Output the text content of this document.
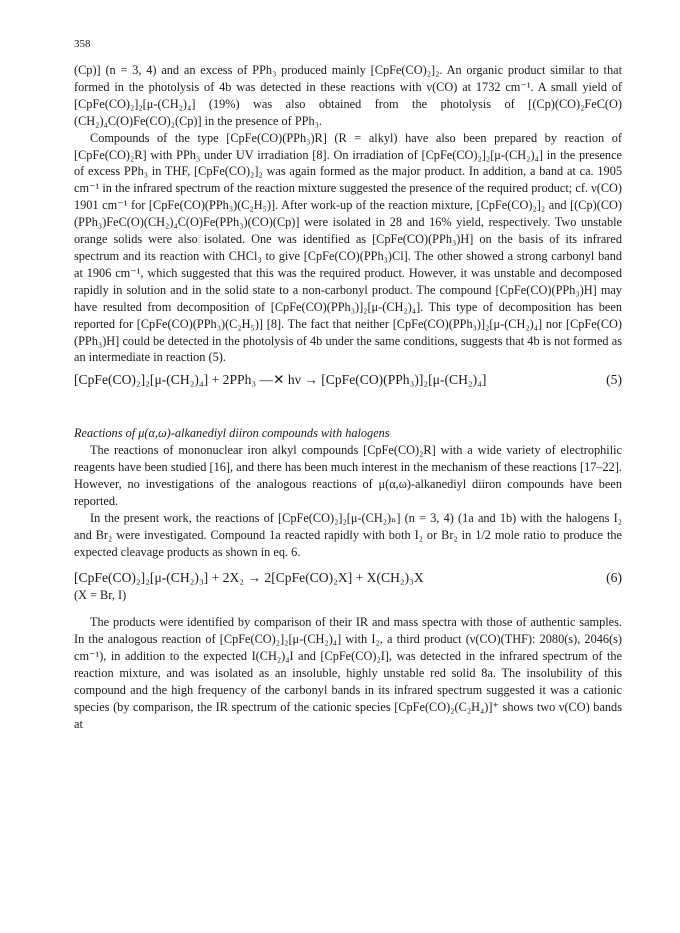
358

(Cp)] (n = 3, 4) and an excess of PPh₃ produced mainly [CpFe(CO)₂]₂. An organic product similar to that formed in the photolysis of 4b was detected in these reactions with ν(CO) at 1732 cm⁻¹. A small yield of [CpFe(CO)₂]₂[μ-(CH₂)₄] (19%) was also obtained from the photolysis of [(Cp)(CO)₂FeC(O)(CH₂)₄C(O)Fe(CO)₂(Cp)] in the presence of PPh₃.

Compounds of the type [CpFe(CO)(PPh₃)R] (R = alkyl) have also been prepared by reaction of [CpFe(CO)₂R] with PPh₃ under UV irradiation [8]. On irradiation of [CpFe(CO)₂]₂[μ-(CH₂)₄] in the presence of excess PPh₃ in THF, [CpFe(CO)₂]₂ was again formed as the major product. In addition, a band at ca. 1905 cm⁻¹ in the infrared spectrum of the reaction mixture suggested the presence of the required product; cf. ν(CO) 1901 cm⁻¹ for [CpFe(CO)(PPh₃)(C₂H₅)]. After work-up of the reaction mixture, [CpFe(CO)₂]₂ and [(Cp)(CO)(PPh₃)FeC(O)(CH₂)₄C(O)Fe(PPh₃)(CO)(Cp)] were isolated in 28 and 16% yield, respectively. Two unstable orange solids were also isolated. One was identified as [CpFe(CO)(PPh₃)H] on the basis of its infrared spectrum and its reaction with CHCl₃ to give [CpFe(CO)(PPh₃)Cl]. The other showed a strong carbonyl band at 1906 cm⁻¹, which suggested that this was the required product. However, it was unstable and decomposed rapidly in solution and in the solid state to a non-carbonyl product. The compound [CpFe(CO)(PPh₃)H] may have resulted from decomposition of [CpFe(CO)(PPh₃)]₂[μ-(CH₂)₄]. This type of decomposition has been reported for [CpFe(CO)(PPh₃)(C₂H₅)] [8]. The fact that neither [CpFe(CO)(PPh₃)]₂[μ-(CH₂)₄] nor [CpFe(CO)(PPh₃)H] could be detected in the photolysis of 4b under the same conditions, suggests that 4b is not formed as an intermediate in reaction (5).

[CpFe(CO)₂]₂[μ-(CH₂)₄] + 2PPh₃ —✕ hν → [CpFe(CO)(PPh₃)]₂[μ-(CH₂)₄]	(5)

Reactions of μ(α,ω)-alkanediyl diiron compounds with halogens

The reactions of mononuclear iron alkyl compounds [CpFe(CO)₂R] with a wide variety of electrophilic reagents have been studied [16], and there has been much interest in the mechanism of these reactions [17–22]. However, no investigations of the analogous reactions of μ(α,ω)-alkanediyl diiron compounds have been reported.

In the present work, the reactions of [CpFe(CO)₂]₂[μ-(CH₂)ₙ] (n = 3, 4) (1a and 1b) with the halogens I₂ and Br₂ were investigated. Compound 1a reacted rapidly with both I₂ or Br₂ in 1/2 mole ratio to produce the expected cleavage products as shown in eq. 6.

[CpFe(CO)₂]₂[μ-(CH₂)₃] + 2X₂ → 2[CpFe(CO)₂X] + X(CH₂)₃X	(6)

(X = Br, I)

The products were identified by comparison of their IR and mass spectra with those of authentic samples. In the analogous reaction of [CpFe(CO)₂]₂[μ-(CH₂)₄] with I₂, a third product (ν(CO)(THF): 2080(s), 2046(s) cm⁻¹), in addition to the expected I(CH₂)₄I and [CpFe(CO)₂I], was detected in the infrared spectrum of the reaction mixture, and was isolated as an insoluble, highly unstable red solid 8a. The insolubility of this compound and the high frequency of the carbonyl bands in its infrared spectrum suggested it was a cationic species (by comparison, the IR spectrum of the cationic species [CpFe(CO)₂(C₂H₄)]⁺ shows two ν(CO) bands at
